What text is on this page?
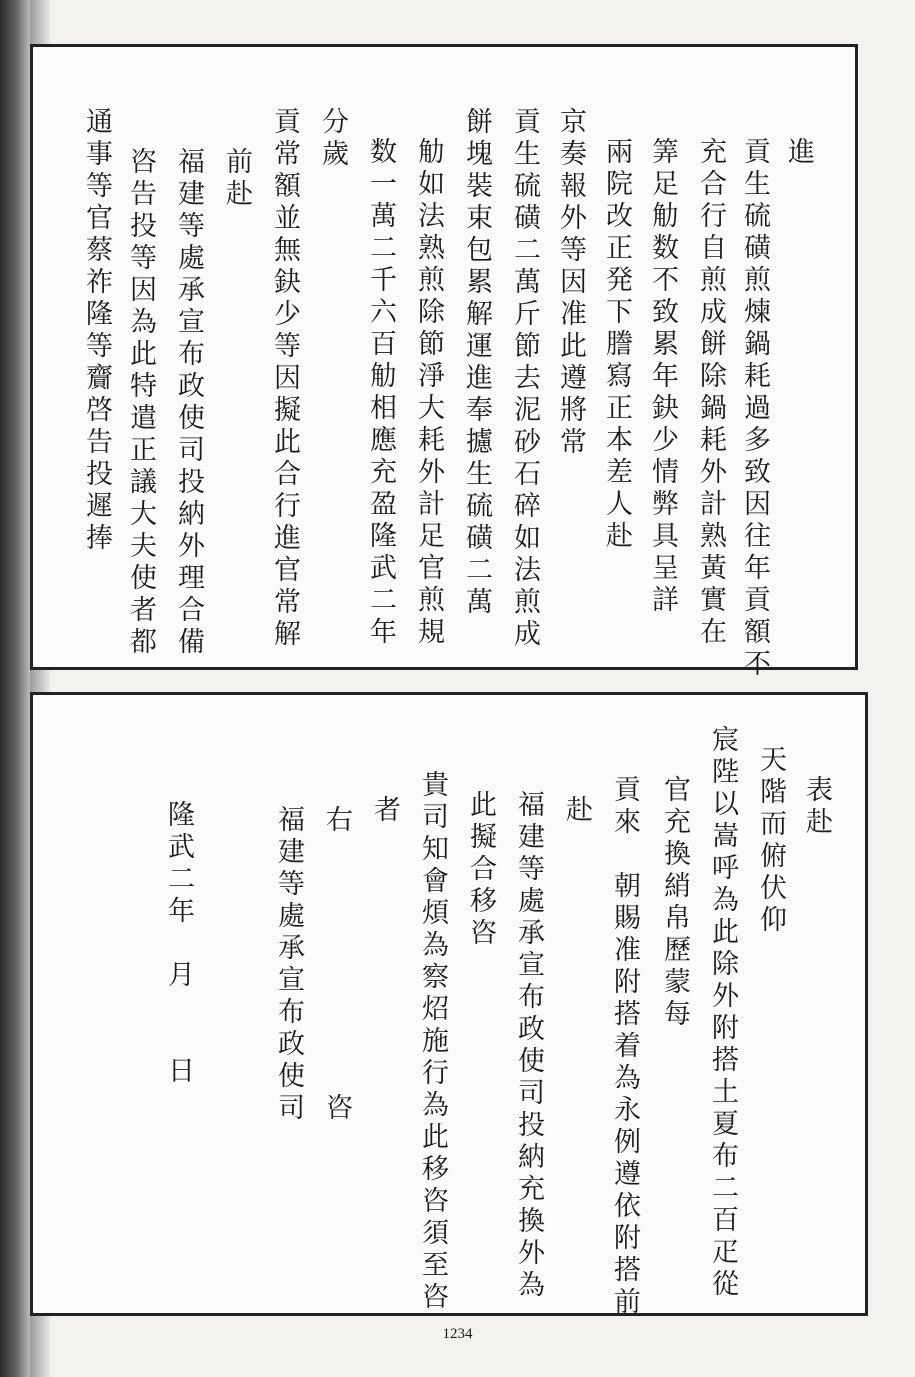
進
貢生硫磺煎煉鍋耗過多致因往年貢額不
充合行自煎成餅除鍋耗外計熟黃實在
筭足觔数不致累年鈌少情弊具呈詳
兩院改正発下謄寫正本差人赴
京奏報外等因准此遵將常
貢生硫磺二萬斤節去泥砂石碎如法煎成
餅塊裝束包累解運進奉攄生硫磺二萬
觔如法熟煎除節淨大耗外計足官煎規
数一萬二千六百觔相應充盈隆武二年
分歲
貢常額並無鈌少等因擬此合行進官常解
前赴
福建等處承宣布政使司投納外理合備
咨告投等因為此特遣正議大夫使者都
通事等官蔡祚隆等齎啓告投遲捧
表赴
天階而俯伏仰
宸陛以嵩呼為此除外附搭土夏布二百疋從
官充換綃帛歷蒙每
貢來　朝賜准附搭着為永例遵依附搭前
赴
福建等處承宣布政使司投納充換外為
此擬合移咨
貴司知會煩為察炤施行為此移咨須至咨
者
右　　　　　　　　咨
福建等處承宣布政使司
隆武二年　月　　日
1234
